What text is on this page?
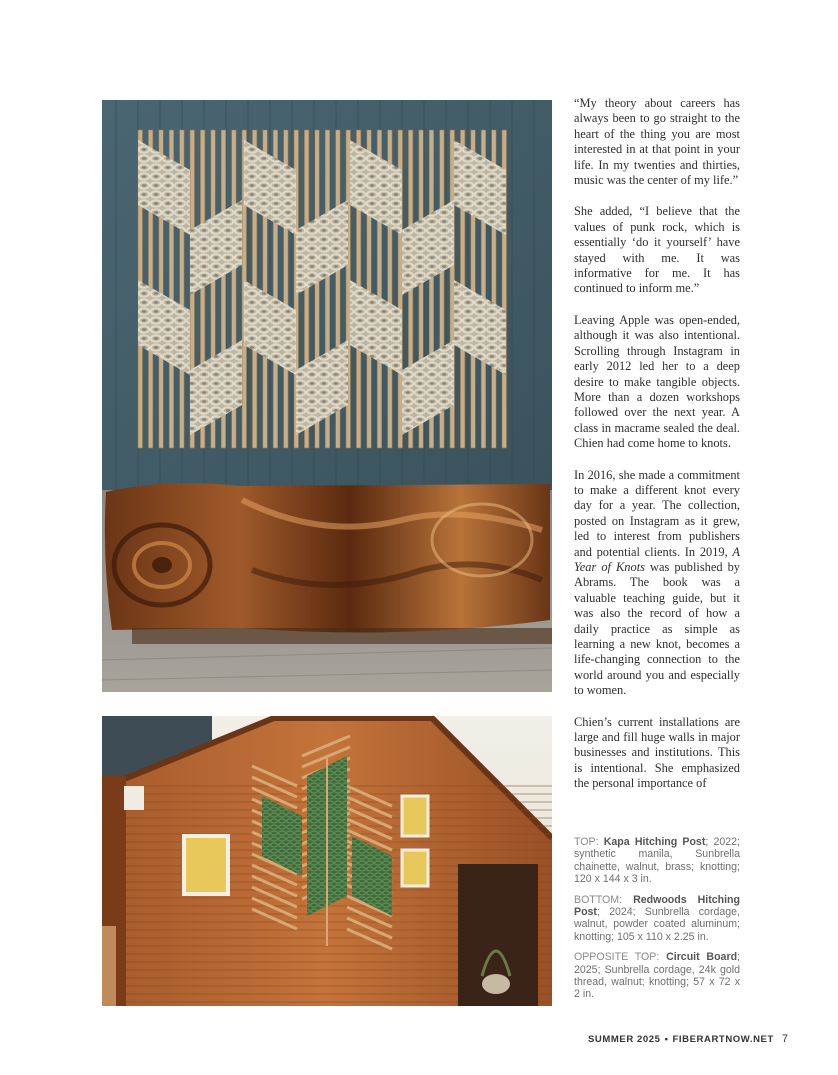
“My theory about careers has always been to go straight to the heart of the thing you are most interested in at that point in your life. In my twenties and thirties, music was the center of my life.”

She added, “I believe that the values of punk rock, which is essentially ‘do it yourself’ have stayed with me. It was informative for me. It has continued to inform me.”

Leaving Apple was open-ended, although it was also intentional. Scrolling through Instagram in early 2012 led her to a deep desire to make tangible objects. More than a dozen workshops followed over the next year. A class in macrame sealed the deal. Chien had come home to knots.

In 2016, she made a commitment to make a different knot every day for a year. The collection, posted on Instagram as it grew, led to interest from publishers and potential clients. In 2019, A Year of Knots was published by Abrams. The book was a valuable teaching guide, but it was also the record of how a daily practice as simple as learning a new knot, becomes a life-changing connection to the world around you and especially to women.

Chien’s current installations are large and fill huge walls in major businesses and institutions. This is intentional. She emphasized the personal importance of

TOP: Kapa Hitching Post; 2022; synthetic manila, Sunbrella chainette, walnut, brass; knotting; 120 x 144 x 3 in.

BOTTOM: Redwoods Hitching Post; 2024; Sunbrella cordage, walnut, powder coated aluminum; knotting; 105 x 110 x 2.25 in.

OPPOSITE TOP: Circuit Board; 2025; Sunbrella cordage, 24k gold thread, walnut; knotting; 57 x 72 x 2 in.

SUMMER 2025 • FIBERARTNOW.NET 7
